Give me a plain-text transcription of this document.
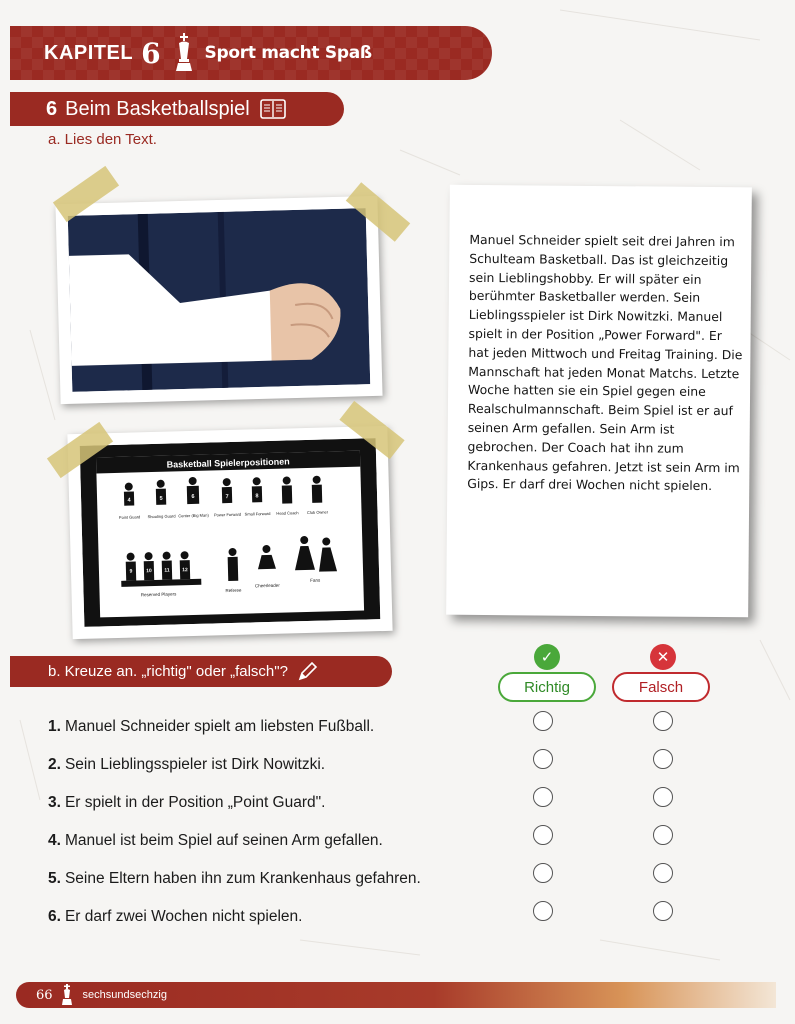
KAPITEL 6	Sport macht Spaß
6 Beim Basketballspiel
a. Lies den Text.
Basketball Spielerpositionen
4	5	6	7	8
Point Guard Shooting Guard Center (Big Man) Power Forward Small Forward Head Coach Club Owner
9	10 11 12
Reserved Players
Referee
Cheerleader
Fans

Manuel Schneider spielt seit drei Jahren im Schulteam Basketball. Das ist gleichzeitig sein Lieblingshobby. Er will später ein berühmter Basketballer werden. Sein Lieblingsspieler ist Dirk Nowitzki. Manuel spielt in der Position „Power Forward". Er hat jeden Mittwoch und Freitag Training. Die Mannschaft hat jeden Monat Matchs. Letzte Woche hatten sie ein Spiel gegen eine Realschulmannschaft. Beim Spiel ist er auf seinen Arm gefallen. Sein Arm ist gebrochen. Der Coach hat ihn zum Krankenhaus gefahren. Jetzt ist sein Arm im Gips. Er darf drei Wochen nicht spielen.

b. Kreuze an. „richtig" oder „falsch"?
✓	✕
Richtig	Falsch
1. Manuel Schneider spielt am liebsten Fußball.
2. Sein Lieblingsspieler ist Dirk Nowitzki.
3. Er spielt in der Position „Point Guard".
4. Manuel ist beim Spiel auf seinen Arm gefallen.
5. Seine Eltern haben ihn zum Krankenhaus gefahren.
6. Er darf zwei Wochen nicht spielen.
66	sechsundsechzig
